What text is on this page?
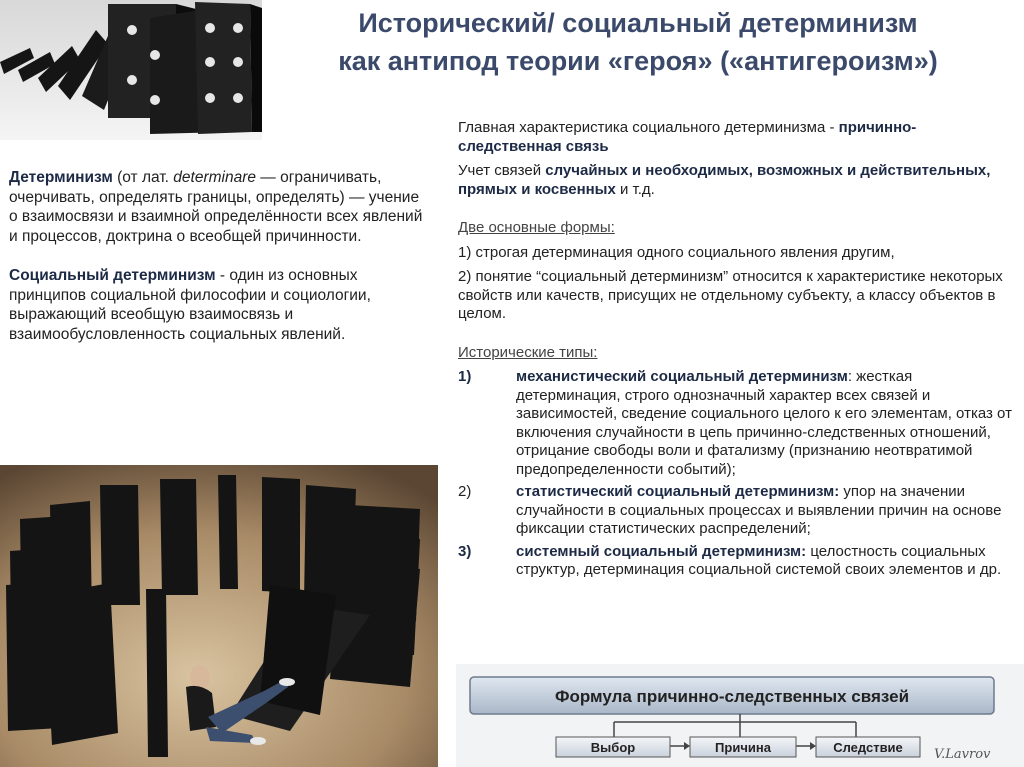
Исторический/ социальный детерминизм
как антипод теории «героя» («антигероизм»)

Детерминизм (от лат. determinare — ограничивать, очерчивать, определять границы, определять) — учение о взаимосвязи и взаимной определённости всех явлений и процессов, доктрина о всеобщей причинности.

Социальный детерминизм - один из основных принципов социальной философии и социологии, выражающий всеобщую взаимосвязь и взаимообусловленность социальных явлений.

Главная характеристика социального детерминизма - причинно-следственная связь

Учет связей случайных и необходимых, возможных и действительных, прямых и косвенных и т.д.

Две основные формы:

1) строгая детерминация одного социального явления другим,

2) понятие “социальный детерминизм” относится к характеристике некоторых свойств или качеств, присущих не отдельному субъекту, а классу объектов в целом.

Исторические типы:

1)	механистический социальный детерминизм: жесткая детерминация, строго однозначный характер всех связей и зависимостей, сведение социального целого к его элементам, отказ от включения случайности в цепь причинно-следственных отношений, отрицание свободы воли и фатализму (признанию неотвратимой предопределенности событий);
2)	статистический социальный детерминизм: упор на значении случайности в социальных процессах и выявлении причин на основе фиксации статистических распределений;
3)	системный социальный детерминизм: целостность социальных структур, детерминация социальной системой своих элементов и др.
Формула причинно-следственных связей
Выбор	Причина	Следствие V.Lavrov
